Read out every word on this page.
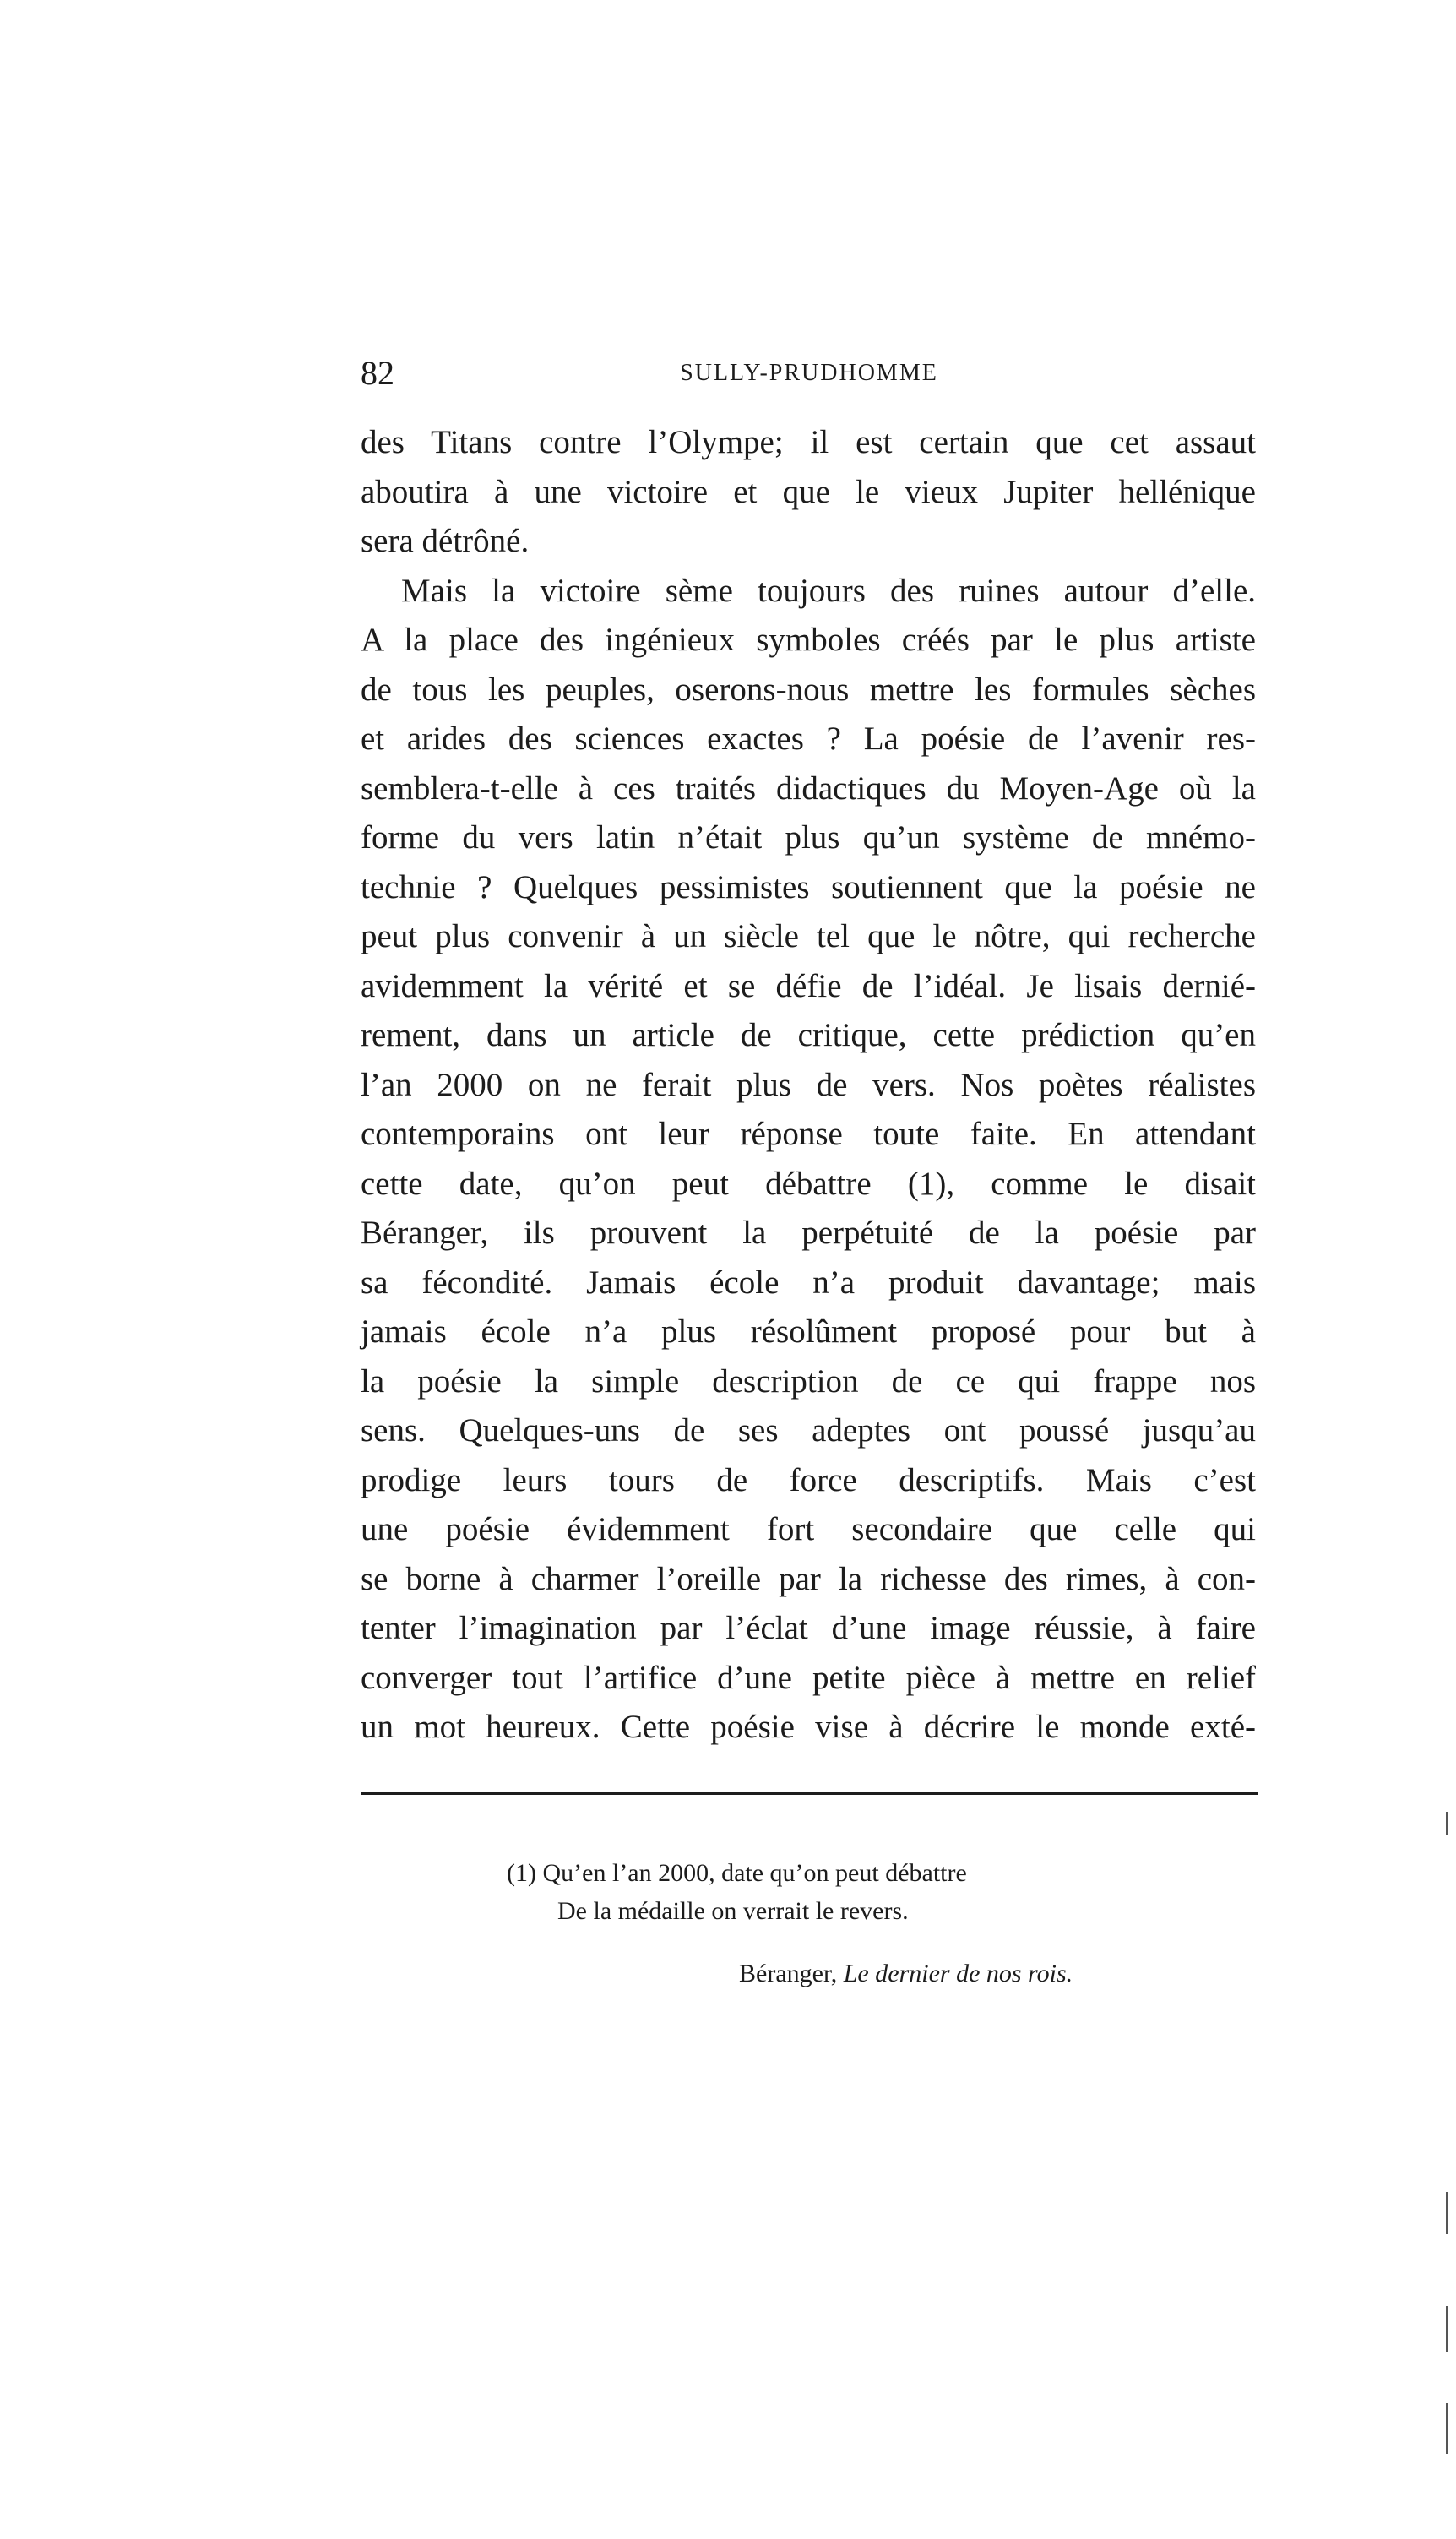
82	SULLY-PRUDHOMME
des Titans contre l’Olympe; il est certain que cet assaut
aboutira à une victoire et que le vieux Jupiter hellénique
sera détrôné.
Mais la victoire sème toujours des ruines autour d’elle.
A la place des ingénieux symboles créés par le plus artiste
de tous les peuples, oserons-nous mettre les formules sèches
et arides des sciences exactes ? La poésie de l’avenir res-
semblera-t-elle à ces traités didactiques du Moyen-Age où la
forme du vers latin n’était plus qu’un système de mnémo-
technie ? Quelques pessimistes soutiennent que la poésie ne
peut plus convenir à un siècle tel que le nôtre, qui recherche
avidemment la vérité et se défie de l’idéal. Je lisais dernié-
rement, dans un article de critique, cette prédiction qu’en
l’an 2000 on ne ferait plus de vers. Nos poètes réalistes
contemporains ont leur réponse toute faite. En attendant
cette date, qu’on peut débattre (1), comme le disait
Béranger, ils prouvent la perpétuité de la poésie par
sa fécondité. Jamais école n’a produit davantage; mais
jamais école n’a plus résolûment proposé pour but à
la poésie la simple description de ce qui frappe nos
sens. Quelques-uns de ses adeptes ont poussé jusqu’au
prodige leurs tours de force descriptifs. Mais c’est
une poésie évidemment fort secondaire que celle qui
se borne à charmer l’oreille par la richesse des rimes, à con-
tenter l’imagination par l’éclat d’une image réussie, à faire
converger tout l’artifice d’une petite pièce à mettre en relief
un mot heureux. Cette poésie vise à décrire le monde exté-
(1) Qu’en l’an 2000, date qu’on peut débattre
De la médaille on verrait le revers.
Béranger, Le dernier de nos rois.
